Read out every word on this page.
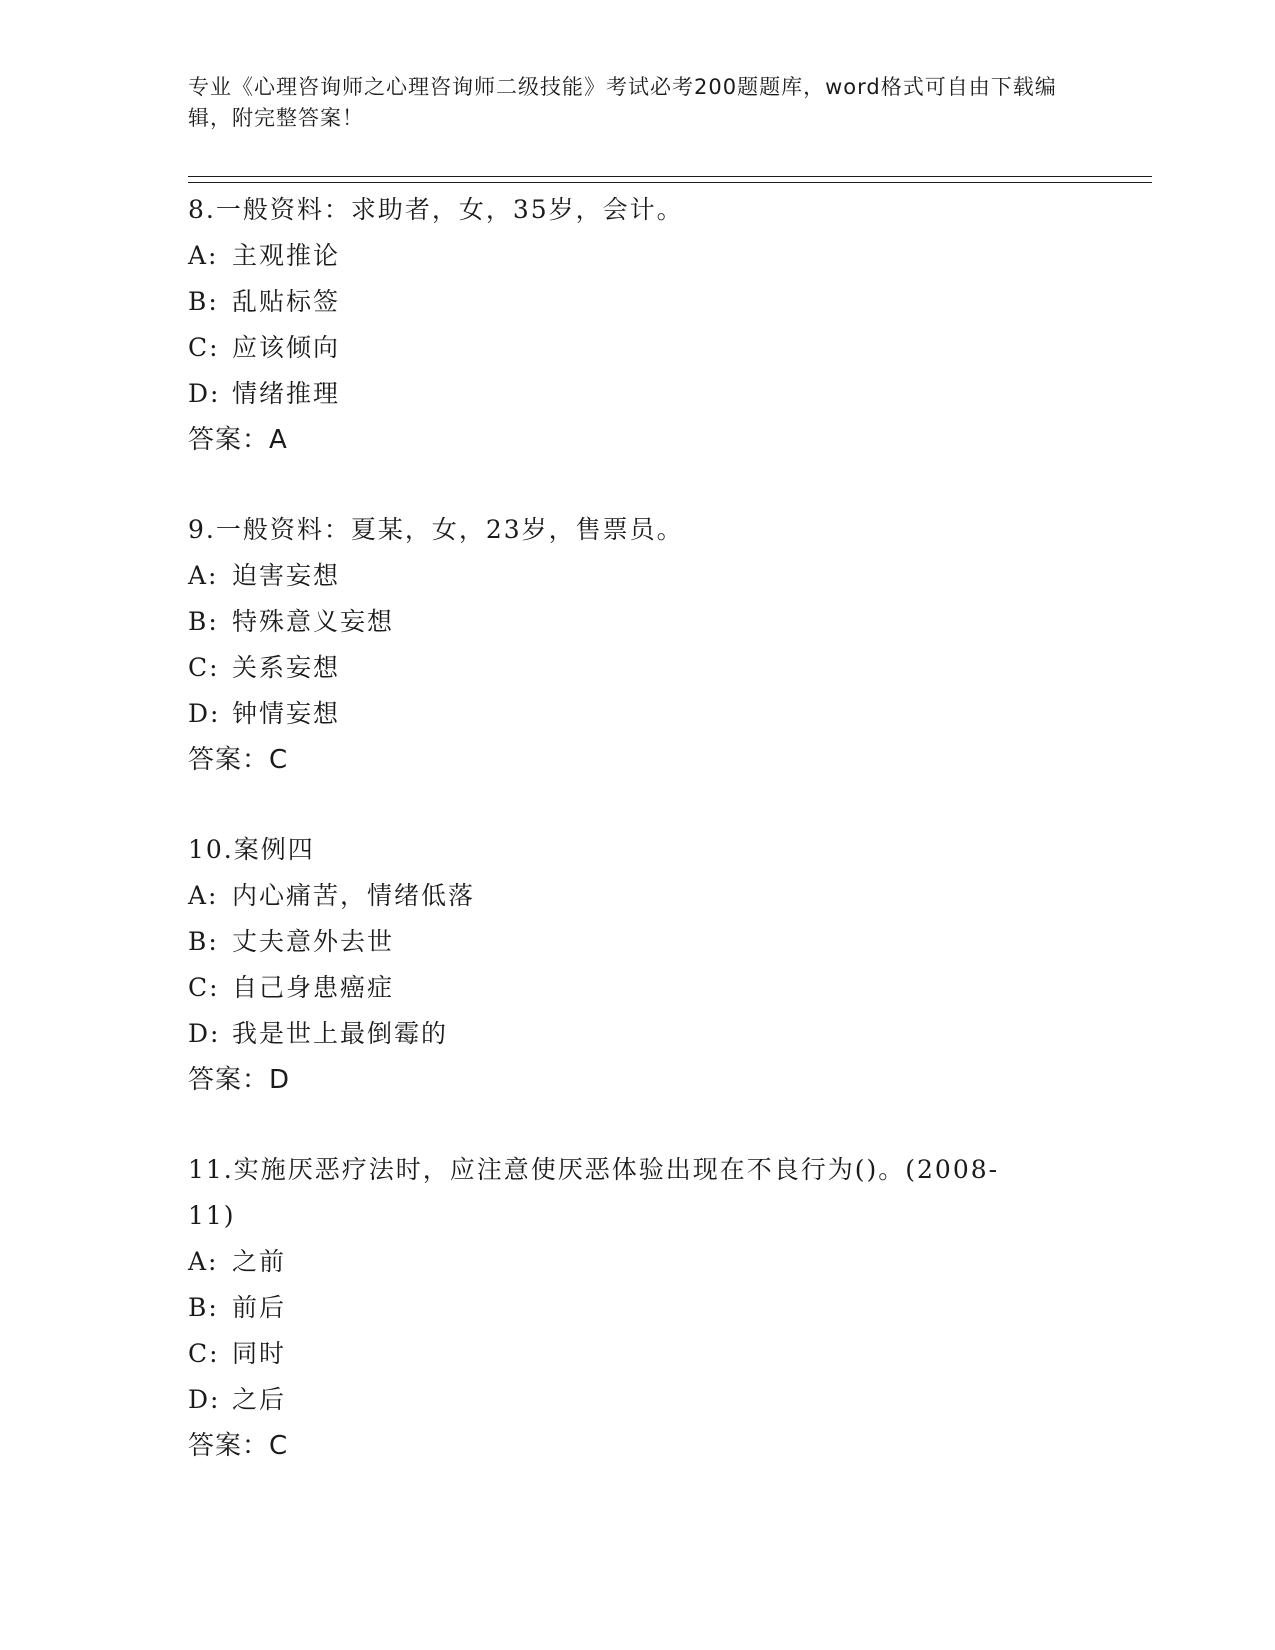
专业《心理咨询师之心理咨询师二级技能》考试必考200题题库，word格式可自由下载编辑，附完整答案！
8.一般资料：求助者，女，35岁，会计。
A: 主观推论
B: 乱贴标签
C: 应该倾向
D: 情绪推理
答案：A
9.一般资料：夏某，女，23岁，售票员。
A: 迫害妄想
B: 特殊意义妄想
C: 关系妄想
D: 钟情妄想
答案：C
10.案例四
A: 内心痛苦，情绪低落
B: 丈夫意外去世
C: 自己身患癌症
D: 我是世上最倒霉的
答案：D
11.实施厌恶疗法时，应注意使厌恶体验出现在不良行为()。(2008-11)
A: 之前
B: 前后
C: 同时
D: 之后
答案：C
